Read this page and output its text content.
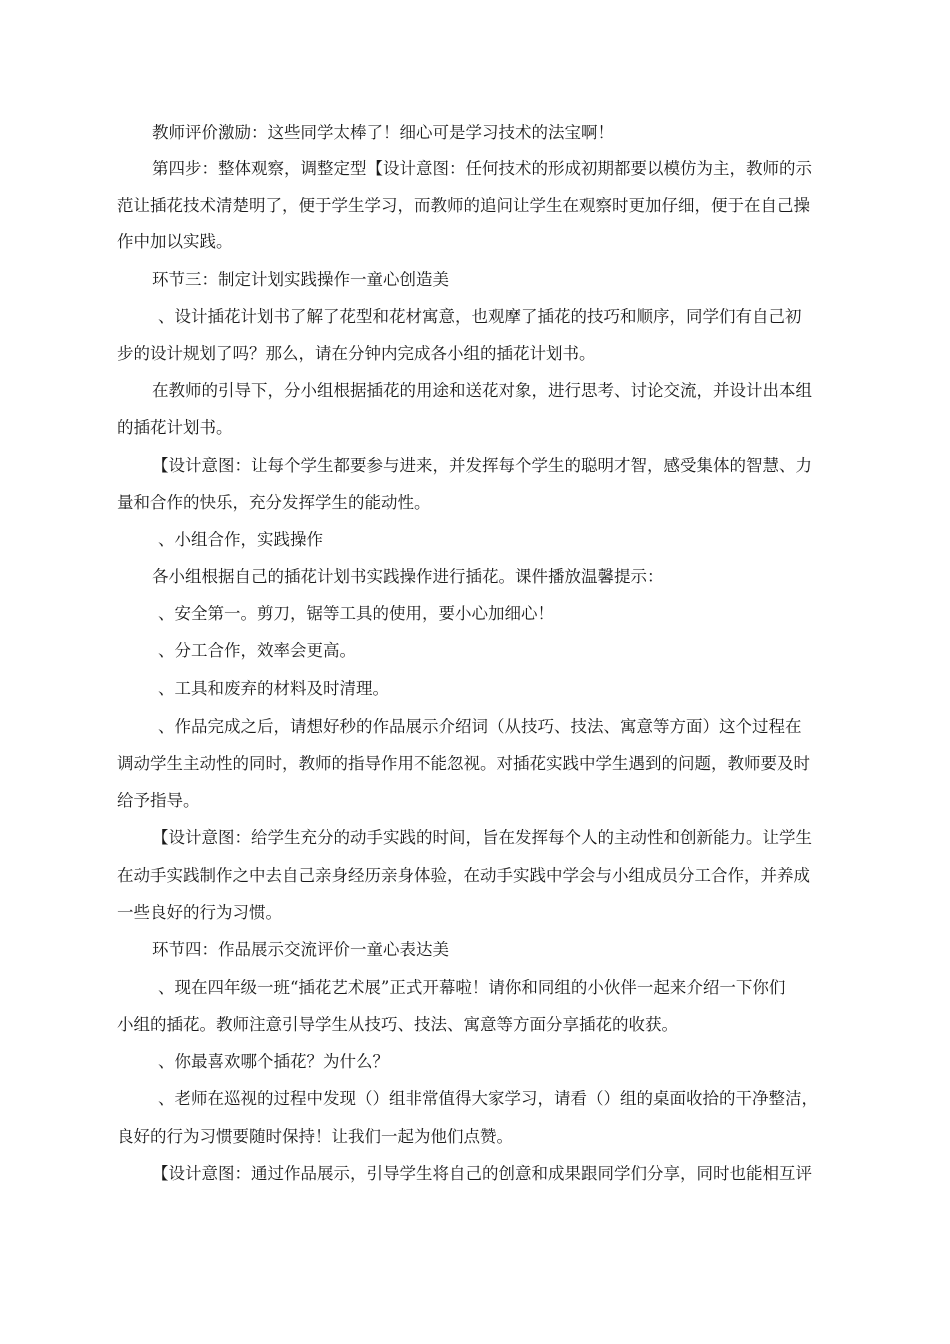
教师评价激励：这些同学太棒了！细心可是学习技术的法宝啊！
第四步：整体观察，调整定型【设计意图：任何技术的形成初期都要以模仿为主，教师的示
范让插花技术清楚明了，便于学生学习，而教师的追问让学生在观察时更加仔细，便于在自己操
作中加以实践。
环节三：制定计划实践操作一童心创造美
、设计插花计划书了解了花型和花材寓意，也观摩了插花的技巧和顺序，同学们有自己初
步的设计规划了吗？那么，请在分钟内完成各小组的插花计划书。
在教师的引导下，分小组根据插花的用途和送花对象，进行思考、讨论交流，并设计出本组
的插花计划书。
【设计意图：让每个学生都要参与进来，并发挥每个学生的聪明才智，感受集体的智慧、力
量和合作的快乐，充分发挥学生的能动性。
、小组合作，实践操作
各小组根据自己的插花计划书实践操作进行插花。课件播放温馨提示：
、安全第一。剪刀，锯等工具的使用，要小心加细心！
、分工合作，效率会更高。
、工具和废弃的材料及时清理。
、作品完成之后，请想好秒的作品展示介绍词（从技巧、技法、寓意等方面）这个过程在
调动学生主动性的同时，教师的指导作用不能忽视。对插花实践中学生遇到的问题，教师要及时
给予指导。
【设计意图：给学生充分的动手实践的时间，旨在发挥每个人的主动性和创新能力。让学生
在动手实践制作之中去自己亲身经历亲身体验，在动手实践中学会与小组成员分工合作，并养成
一些良好的行为习惯。
环节四：作品展示交流评价一童心表达美
、现在四年级一班“插花艺术展”正式开幕啦！请你和同组的小伙伴一起来介绍一下你们
小组的插花。教师注意引导学生从技巧、技法、寓意等方面分享插花的收获。
、你最喜欢哪个插花？为什么？
、老师在巡视的过程中发现（）组非常值得大家学习，请看（）组的桌面收拾的干净整洁，
良好的行为习惯要随时保持！让我们一起为他们点赞。
【设计意图：通过作品展示，引导学生将自己的创意和成果跟同学们分享，同时也能相互评
